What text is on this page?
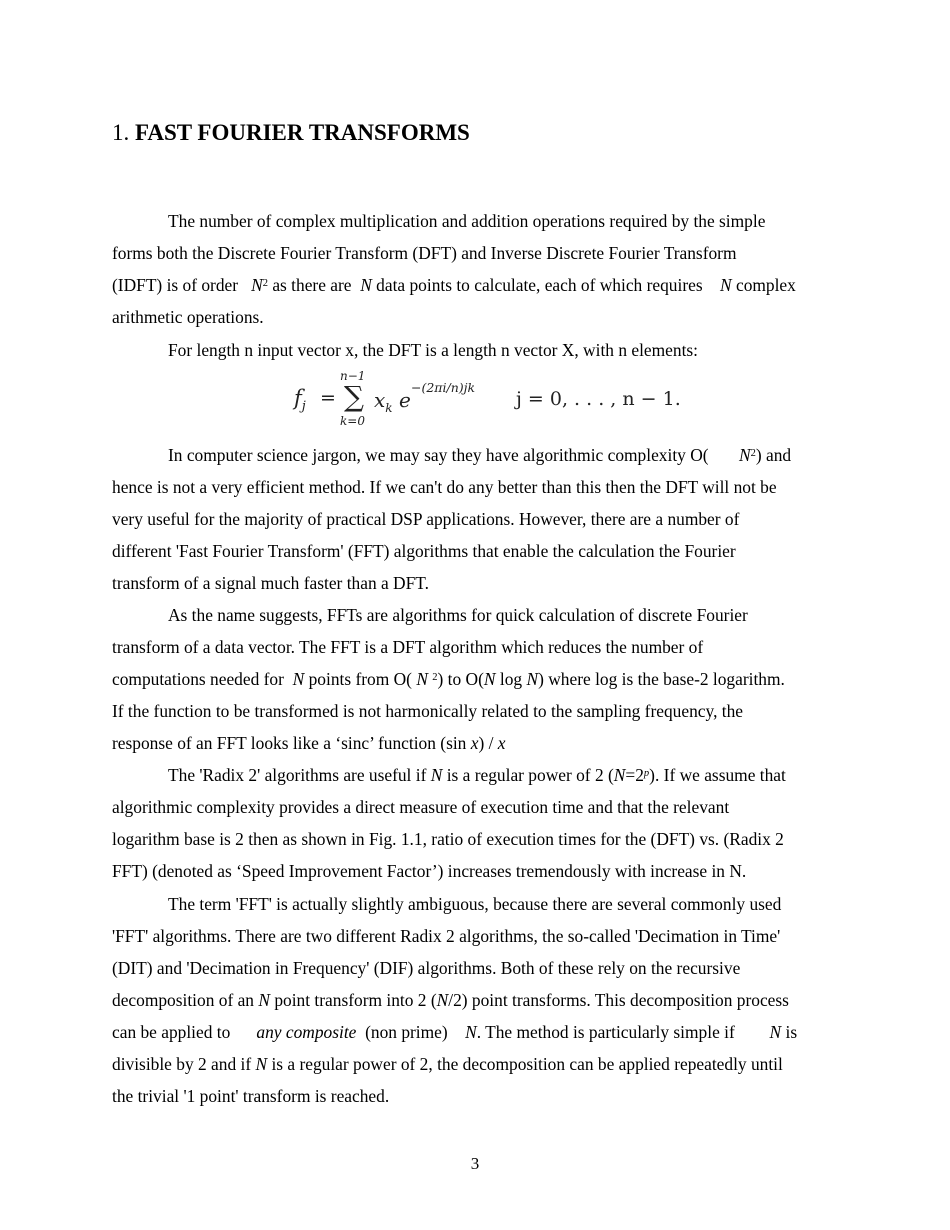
1. FAST FOURIER TRANSFORMS
The number of complex multiplication and addition operations required by the simple
forms both the Discrete Fourier Transform (DFT) and Inverse Discrete Fourier Transform
(IDFT) is of order $N^2$ as there are N data points to calculate, each of which requires N complex
arithmetic operations.
For length n input vector x, the DFT is a length n vector X, with n elements:
$f_j$ =
n−1
∑
k=0
$x_k$ e
−(2πi/n)jk
j = 0, . . . , n − 1.
In computer science jargon, we may say they have algorithmic complexity O( $N^2$) and
hence is not a very efficient method. If we can't do any better than this then the DFT will not be
very useful for the majority of practical DSP applications. However, there are a number of
different 'Fast Fourier Transform' (FFT) algorithms that enable the calculation the Fourier
transform of a signal much faster than a DFT.
As the name suggests, FFTs are algorithms for quick calculation of discrete Fourier
transform of a data vector. The FFT is a DFT algorithm which reduces the number of
computations needed for N points from O( N $^2$) to O(N log N) where log is the base-2 logarithm.
If the function to be transformed is not harmonically related to the sampling frequency, the
response of an FFT looks like a ‘sinc’ function (sin x) / x
The 'Radix 2' algorithms are useful if N is a regular power of 2 $(N=2^p)$. If we assume that
algorithmic complexity provides a direct measure of execution time and that the relevant
logarithm base is 2 then as shown in Fig. 1.1, ratio of execution times for the (DFT) vs. (Radix 2
FFT) (denoted as ‘Speed Improvement Factor’) increases tremendously with increase in N.
The term 'FFT' is actually slightly ambiguous, because there are several commonly used
'FFT' algorithms. There are two different Radix 2 algorithms, the so-called 'Decimation in Time'
(DIT) and 'Decimation in Frequency' (DIF) algorithms. Both of these rely on the recursive
decomposition of an N point transform into 2 (N/2) point transforms. This decomposition process
can be applied to any composite (non prime) N. The method is particularly simple if N is
divisible by 2 and if N is a regular power of 2, the decomposition can be applied repeatedly until
the trivial '1 point' transform is reached.
3
